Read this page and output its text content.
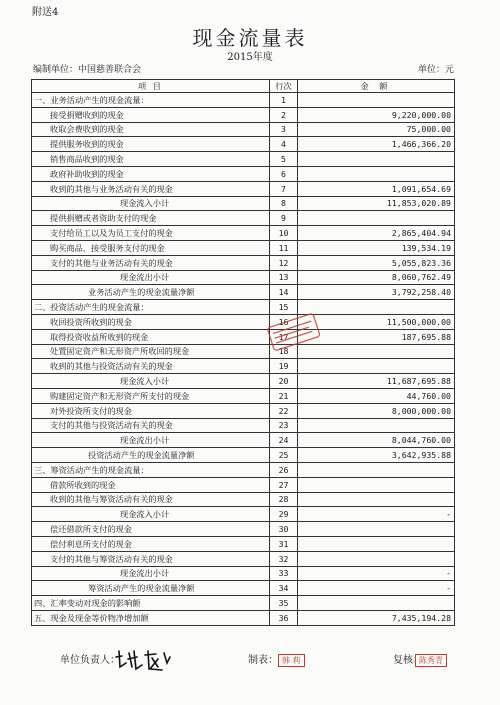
附送4
现金流量表
2015年度
编制单位：中国慈善联合会	单位：元
项 目	行次	金 额
一、业务活动产生的现金流量：	1	
接受捐赠收到的现金	2	9,220,000.00
收取会费收到的现金	3	75,000.00
提供服务收到的现金	4	1,466,366.20
销售商品收到的现金	5	
政府补助收到的现金	6	
收到的其他与业务活动有关的现金	7	1,091,654.69
现金流入小计	8	11,853,020.89
提供捐赠或者资助支付的现金	9	
支付给员工以及为员工支付的现金	10	2,865,404.94
购买商品、接受服务支付的现金	11	139,534.19
支付的其他与业务活动有关的现金	12	5,055,823.36
现金流出小计	13	8,060,762.49
业务活动产生的现金流量净额	14	3,792,258.40
二、投资活动产生的现金流量：	15	
收回投资所收到的现金	16	11,500,000.00
取得投资收益所收到的现金	17	187,695.88
处置固定资产和无形资产所收回的现金	18	
收到的其他与投资活动有关的现金	19	
现金流入小计	20	11,687,695.88
购建固定资产和无形资产所支付的现金	21	44,760.00
对外投资所支付的现金	22	8,000,000.00
支付的其他与投资活动有关的现金	23	
现金流出小计	24	8,044,760.00
投资活动产生的现金流量净额	25	3,642,935.88
三、筹资活动产生的现金流量：	26	
借款所收到的现金	27	
收到的其他与筹资活动有关的现金	28	
现金流入小计	29	-
偿还借款所支付的现金	30	
偿付利息所支付的现金	31	
支付的其他与筹资活动有关的现金	32	
现金流出小计	33	-
筹资活动产生的现金流量净额	34	-
四、汇率变动对现金的影响额	35	
五、现金及现金等价物净增加额	36	7,435,194.28
单位负责人：	制表： 韩 莉	复核：
陈秀青
